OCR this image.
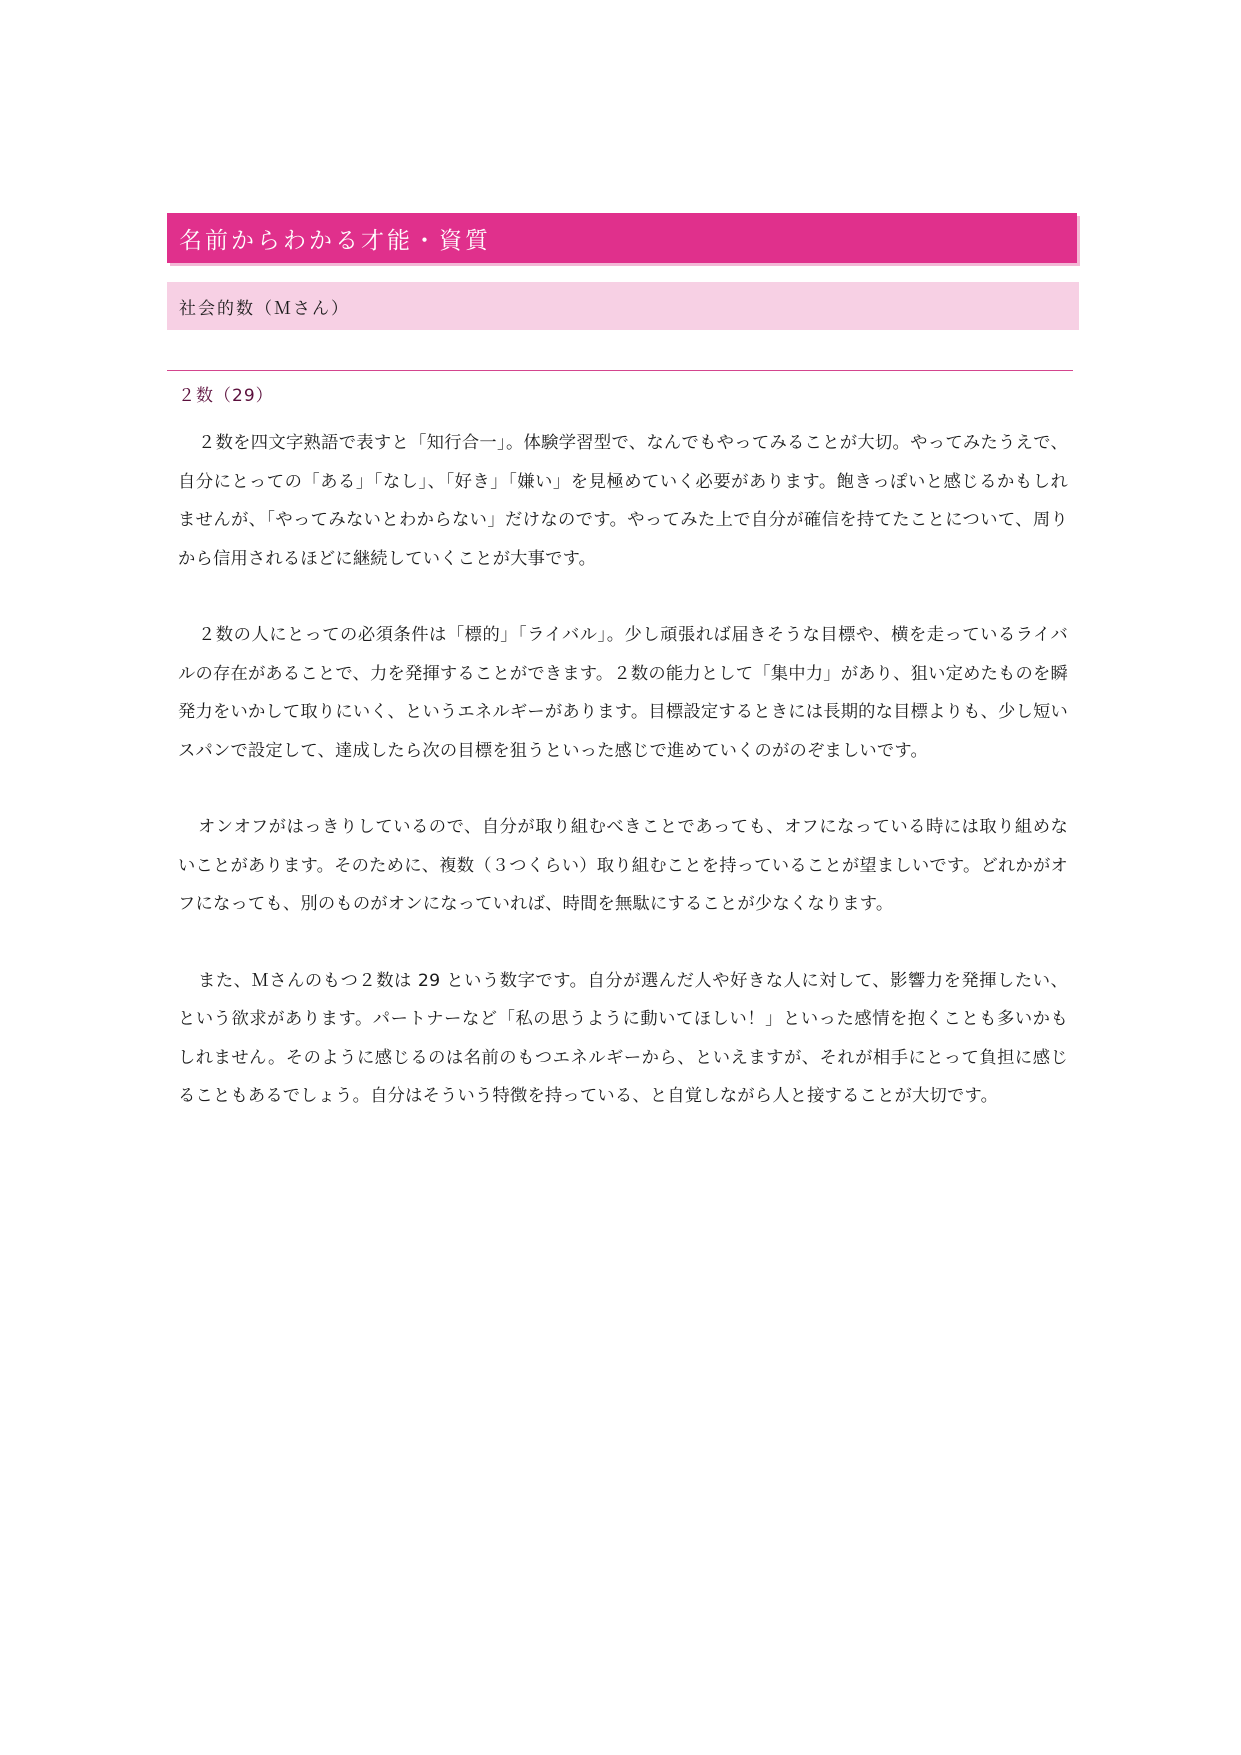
名前からわかる才能・資質
社会的数（Ｍさん）
２数（29）

２数を四文字熟語で表すと「知行合一」。体験学習型で、なんでもやってみることが大切。やってみたうえで、自分にとっての「ある」「なし」、「好き」「嫌い」を見極めていく必要があります。飽きっぽいと感じるかもしれませんが、「やってみないとわからない」だけなのです。やってみた上で自分が確信を持てたことについて、周りから信用されるほどに継続していくことが大事です。

２数の人にとっての必須条件は「標的」「ライバル」。少し頑張れば届きそうな目標や、横を走っているライバルの存在があることで、力を発揮することができます。２数の能力として「集中力」があり、狙い定めたものを瞬発力をいかして取りにいく、というエネルギーがあります。目標設定するときには長期的な目標よりも、少し短いスパンで設定して、達成したら次の目標を狙うといった感じで進めていくのがのぞましいです。

オンオフがはっきりしているので、自分が取り組むべきことであっても、オフになっている時には取り組めないことがあります。そのために、複数（３つくらい）取り組むことを持っていることが望ましいです。どれかがオフになっても、別のものがオンになっていれば、時間を無駄にすることが少なくなります。

また、Ｍさんのもつ２数は 29 という数字です。自分が選んだ人や好きな人に対して、影響力を発揮したい、という欲求があります。パートナーなど「私の思うように動いてほしい！」といった感情を抱くことも多いかもしれません。そのように感じるのは名前のもつエネルギーから、といえますが、それが相手にとって負担に感じることもあるでしょう。自分はそういう特徴を持っている、と自覚しながら人と接することが大切です。
